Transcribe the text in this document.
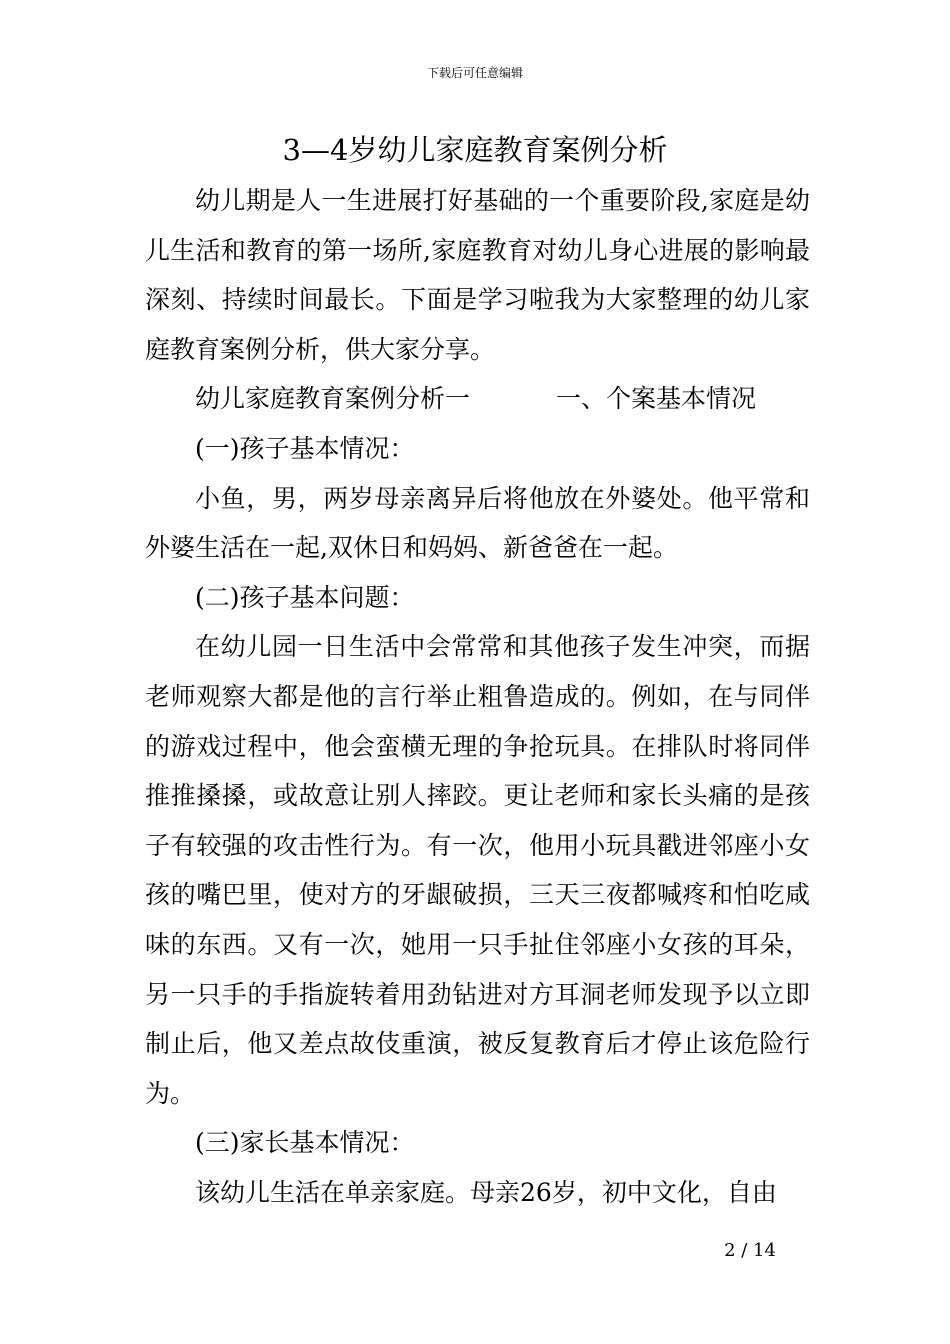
下载后可任意编辑
3—4岁幼儿家庭教育案例分析

幼儿期是人一生进展打好基础的一个重要阶段,家庭是幼儿生活和教育的第一场所,家庭教育对幼儿身心进展的影响最深刻、持续时间最长。下面是学习啦我为大家整理的幼儿家庭教育案例分析，供大家分享。

幼儿家庭教育案例分析一	一、个案基本情况

(一)孩子基本情况：

小鱼，男，两岁母亲离异后将他放在外婆处。他平常和外婆生活在一起,双休日和妈妈、新爸爸在一起。

(二)孩子基本问题：

在幼儿园一日生活中会常常和其他孩子发生冲突，而据老师观察大都是他的言行举止粗鲁造成的。例如，在与同伴的游戏过程中，他会蛮横无理的争抢玩具。在排队时将同伴推推搡搡，或故意让别人摔跤。更让老师和家长头痛的是孩子有较强的攻击性行为。有一次，他用小玩具戳进邻座小女孩的嘴巴里，使对方的牙龈破损，三天三夜都喊疼和怕吃咸味的东西。又有一次，她用一只手扯住邻座小女孩的耳朵，另一只手的手指旋转着用劲钻进对方耳洞老师发现予以立即制止后，他又差点故伎重演，被反复教育后才停止该危险行为。

(三)家长基本情况：

该幼儿生活在单亲家庭。母亲26岁，初中文化，自由

2 / 14
